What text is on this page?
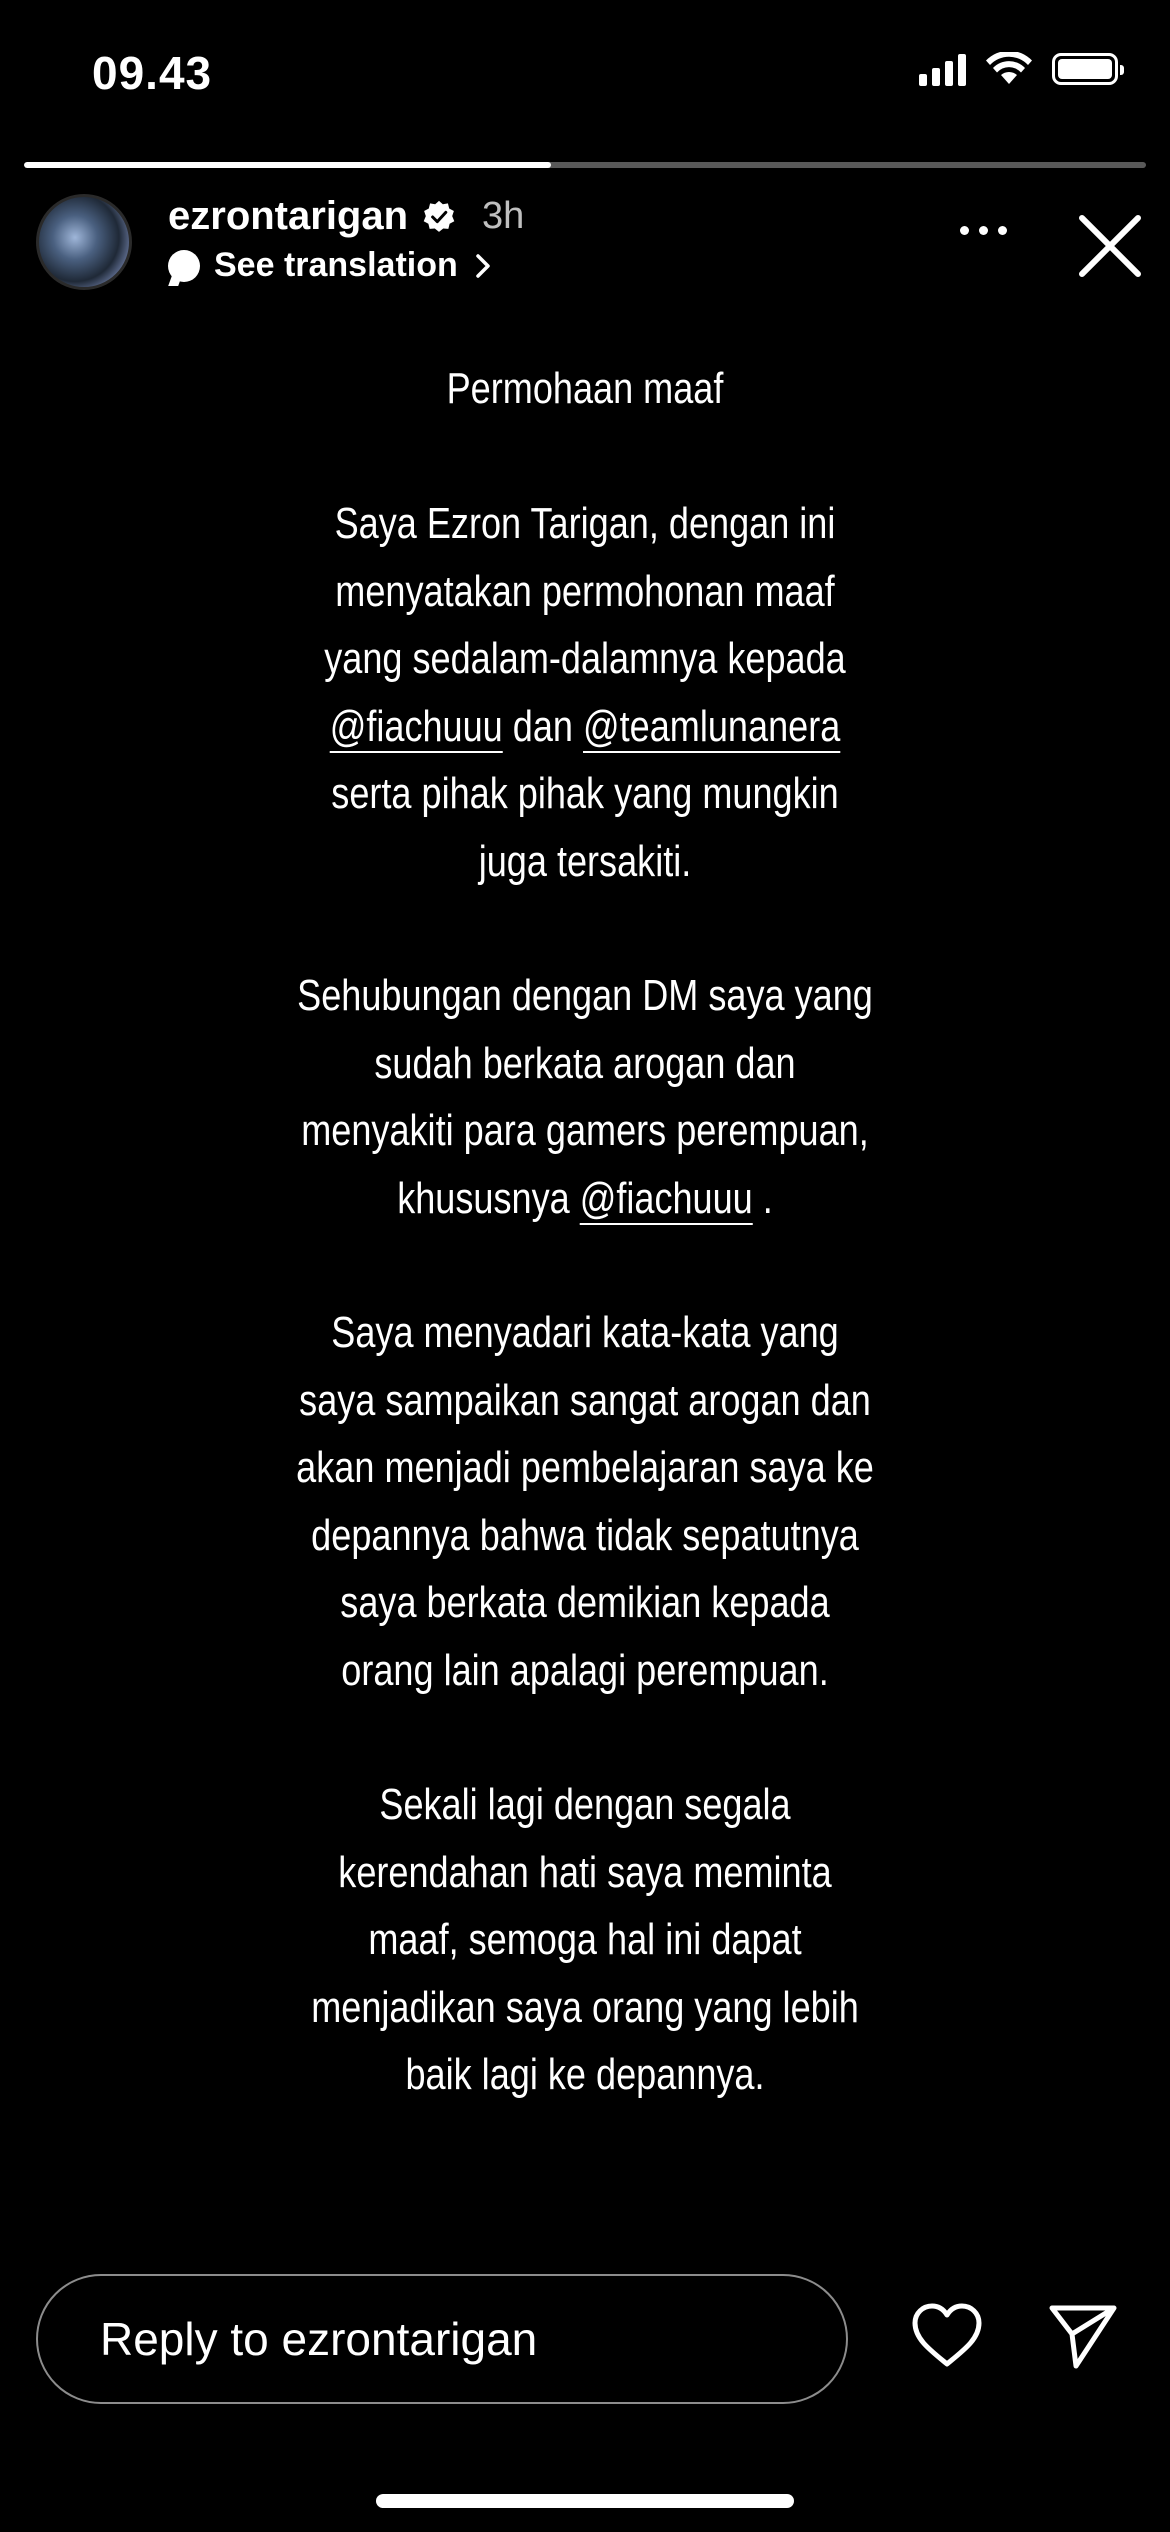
09.43
ezrontarigan 3h
See translation
Permohaan maaf
Saya Ezron Tarigan, dengan ini
menyatakan permohonan maaf
yang sedalam-dalamnya kepada
@fiachuuu dan @teamlunanera
serta pihak pihak yang mungkin
juga tersakiti.
Sehubungan dengan DM saya yang
sudah berkata arogan dan
menyakiti para gamers perempuan,
khususnya @fiachuuu .
Saya menyadari kata-kata yang
saya sampaikan sangat arogan dan
akan menjadi pembelajaran saya ke
depannya bahwa tidak sepatutnya
saya berkata demikian kepada
orang lain apalagi perempuan.
Sekali lagi dengan segala
kerendahan hati saya meminta
maaf, semoga hal ini dapat
menjadikan saya orang yang lebih
baik lagi ke depannya.
Reply to ezrontarigan
